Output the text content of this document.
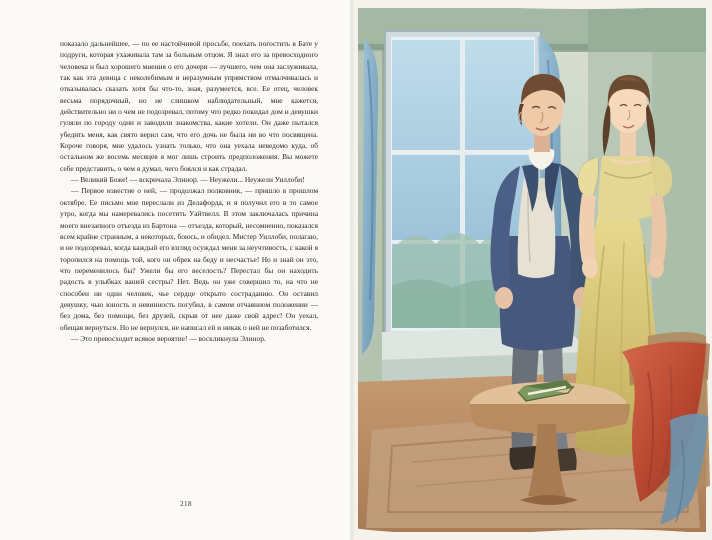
показало дальнейшее, — по ее настойчивой просьбе, поехать погостить в Бате у подруги, которая ухаживала там за больным отцом. Я знал его за превосходного человека и был хорошего мнения о его дочери — лучшего, чем она заслуживала, так как эта девица с неколебимым и неразумным упрямством отмалчивалась и отказывалась сказать хотя бы что-то, зная, разумеется, все. Ее отец, человек весьма порядочный, но не слишком наблюдательный, мне кажется, действительно ни о чем не подозревал, потому что редко покидал дом и девушки гуляли по городу одни и заводили знакомства, какие хотели. Он даже пытался убедить меня, как свято верил сам, что его дочь не была ни во что посвящена. Короче говоря, мне удалось узнать только, что она уехала неведомо куда, об остальном же восемь месяцев я мог лишь строить предположения. Вы можете себе представить, о чем я думал, чего боялся и как страдал.

— Великий Боже! — вскричала Элинор. — Неужели... Неужели Уиллоби!

— Первое известие о ней, — продолжал полковник, — пришло в прошлом октябре. Ее письмо мне переслали из Делафорда, и я получил его в то самое утро, когда мы намеревались посетить Уайтвелл. В этом заключалась причина моего внезапного отъезда из Бартона — отъезда, который, несомненно, показался всем крайне странным, а некоторых, боюсь, и обидел. Мистер Уиллоби, полагаю, и не подозревал, когда каждый его взгляд осуждал меня за неучтивость, с какой я торопился на помощь той, кого он обрек на беду и несчастье! Но и знай он это, что переменилось бы? Ужели бы его веселость? Перестал бы он находить радость в улыбках вашей сестры? Нет. Ведь он уже совершил то, на что не способен ни один человек, чье сердце открыто состраданию. Он оставил девушку, чью юность и невинность погубил, в самом отчаянном положении — без дома, без помощи, без друзей, скрыв от нее даже свой адрес! Он уехал, обещая вернуться. Но не вернулся, не написал ей и никак о ней не позаботился.

— Это превосходит всякое вероятие! — воскликнула Элинор.

218
